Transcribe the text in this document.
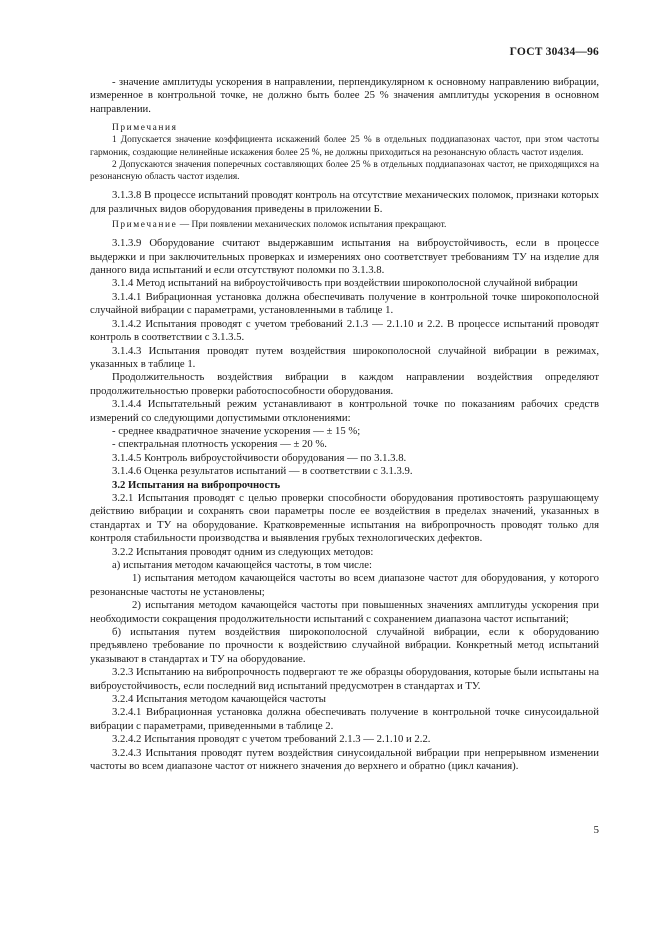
ГОСТ 30434—96
- значение амплитуды ускорения в направлении, перпендикулярном к основному направлению вибрации, измеренное в контрольной точке, не должно быть более 25 % значения амплитуды ускорения в основном направлении.
Примечания
1 Допускается значение коэффициента искажений более 25 % в отдельных поддиапазонах частот, при этом частоты гармоник, создающие нелинейные искажения более 25 %, не должны приходиться на резонансную область частот изделия.
2 Допускаются значения поперечных составляющих более 25 % в отдельных поддиапазонах частот, не приходящихся на резонансную область частот изделия.
3.1.3.8 В процессе испытаний проводят контроль на отсутствие механических поломок, признаки которых для различных видов оборудования приведены в приложении Б.
Примечание — При появлении механических поломок испытания прекращают.
3.1.3.9 Оборудование считают выдержавшим испытания на виброустойчивость, если в процессе выдержки и при заключительных проверках и измерениях оно соответствует требованиям ТУ на изделие для данного вида испытаний и если отсутствуют поломки по 3.1.3.8.
3.1.4 Метод испытаний на виброустойчивость при воздействии широкополосной случайной вибрации
3.1.4.1 Вибрационная установка должна обеспечивать получение в контрольной точке широкополосной случайной вибрации с параметрами, установленными в таблице 1.
3.1.4.2 Испытания проводят с учетом требований 2.1.3 — 2.1.10 и 2.2. В процессе испытаний проводят контроль в соответствии с 3.1.3.5.
3.1.4.3 Испытания проводят путем воздействия широкополосной случайной вибрации в режимах, указанных в таблице 1.
Продолжительность воздействия вибрации в каждом направлении воздействия определяют продолжительностью проверки работоспособности оборудования.
3.1.4.4 Испытательный режим устанавливают в контрольной точке по показаниям рабочих средств измерений со следующими допустимыми отклонениями:
- среднее квадратичное значение ускорения — ± 15 %;
- спектральная плотность ускорения — ± 20 %.
3.1.4.5 Контроль виброустойчивости оборудования — по 3.1.3.8.
3.1.4.6 Оценка результатов испытаний — в соответствии с 3.1.3.9.
3.2 Испытания на вибропрочность
3.2.1 Испытания проводят с целью проверки способности оборудования противостоять разрушающему действию вибрации и сохранять свои параметры после ее воздействия в пределах значений, указанных в стандартах и ТУ на оборудование. Кратковременные испытания на вибропрочность проводят только для контроля стабильности производства и выявления грубых технологических дефектов.
3.2.2 Испытания проводят одним из следующих методов:
а) испытания методом качающейся частоты, в том числе:
1) испытания методом качающейся частоты во всем диапазоне частот для оборудования, у которого резонансные частоты не установлены;
2) испытания методом качающейся частоты при повышенных значениях амплитуды ускорения при необходимости сокращения продолжительности испытаний с сохранением диапазона частот испытаний;
б) испытания путем воздействия широкополосной случайной вибрации, если к оборудованию предъявлено требование по прочности к воздействию случайной вибрации. Конкретный метод испытаний указывают в стандартах и ТУ на оборудование.
3.2.3 Испытанию на вибропрочность подвергают те же образцы оборудования, которые были испытаны на виброустойчивость, если последний вид испытаний предусмотрен в стандартах и ТУ.
3.2.4 Испытания методом качающейся частоты
3.2.4.1 Вибрационная установка должна обеспечивать получение в контрольной точке синусоидальной вибрации с параметрами, приведенными в таблице 2.
3.2.4.2 Испытания проводят с учетом требований 2.1.3 — 2.1.10 и 2.2.
3.2.4.3 Испытания проводят путем воздействия синусоидальной вибрации при непрерывном изменении частоты во всем диапазоне частот от нижнего значения до верхнего и обратно (цикл качания).
5
